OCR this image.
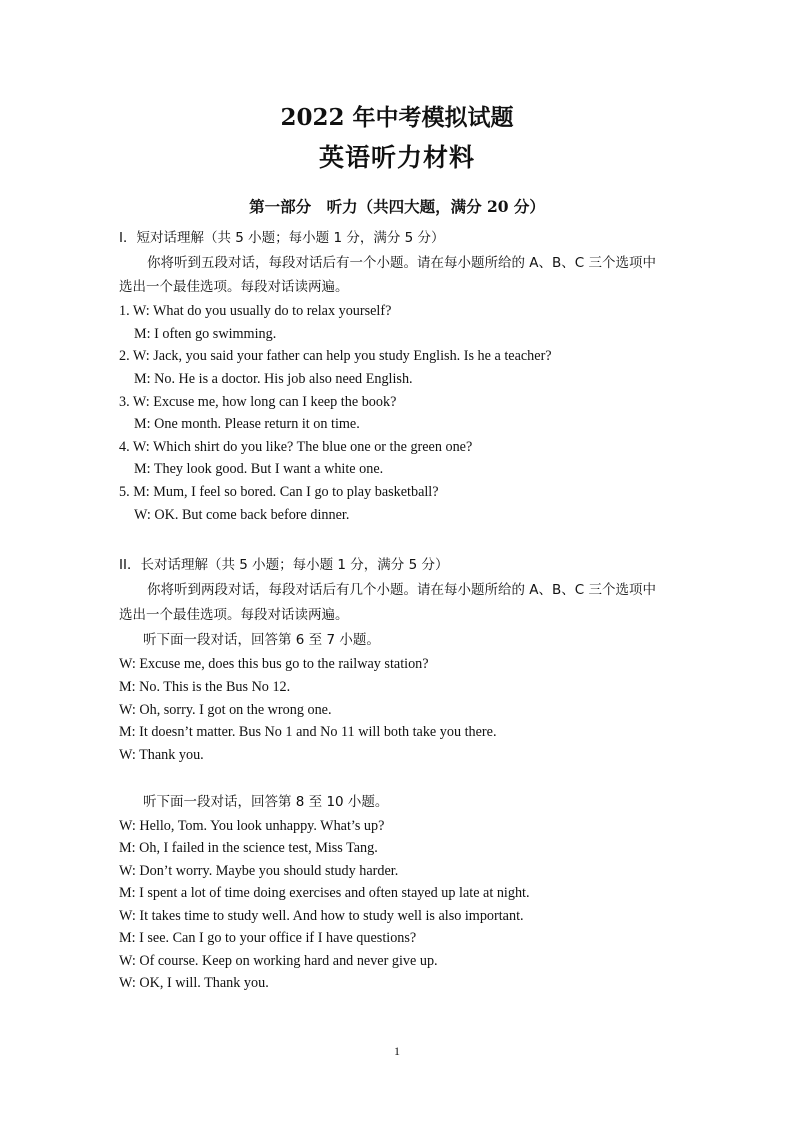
2022 年中考模拟试题
英语听力材料
第一部分　听力（共四大题，满分 20 分）
I．短对话理解（共 5 小题；每小题 1 分，满分 5 分）
你将听到五段对话，每段对话后有一个小题。请在每小题所给的 A、B、C 三个选项中
选出一个最佳选项。每段对话读两遍。
1. W: What do you usually do to relax yourself?
M: I often go swimming.
2. W: Jack, you said your father can help you study English. Is he a teacher?
M: No. He is a doctor. His job also need English.
3. W: Excuse me, how long can I keep the book?
M: One month. Please return it on time.
4. W: Which shirt do you like? The blue one or the green one?
M: They look good. But I want a white one.
5. M: Mum, I feel so bored. Can I go to play basketball?
W: OK. But come back before dinner.
II．长对话理解（共 5 小题；每小题 1 分，满分 5 分）
你将听到两段对话，每段对话后有几个小题。请在每小题所给的 A、B、C 三个选项中
选出一个最佳选项。每段对话读两遍。
听下面一段对话，回答第 6 至 7 小题。
W: Excuse me, does this bus go to the railway station?
M: No. This is the Bus No 12.
W: Oh, sorry. I got on the wrong one.
M: It doesn’t matter. Bus No 1 and No 11 will both take you there.
W: Thank you.
听下面一段对话，回答第 8 至 10 小题。
W: Hello, Tom. You look unhappy. What’s up?
M: Oh, I failed in the science test, Miss Tang.
W: Don’t worry. Maybe you should study harder.
M: I spent a lot of time doing exercises and often stayed up late at night.
W: It takes time to study well. And how to study well is also important.
M: I see. Can I go to your office if I have questions?
W: Of course. Keep on working hard and never give up.
W: OK, I will. Thank you.
1
